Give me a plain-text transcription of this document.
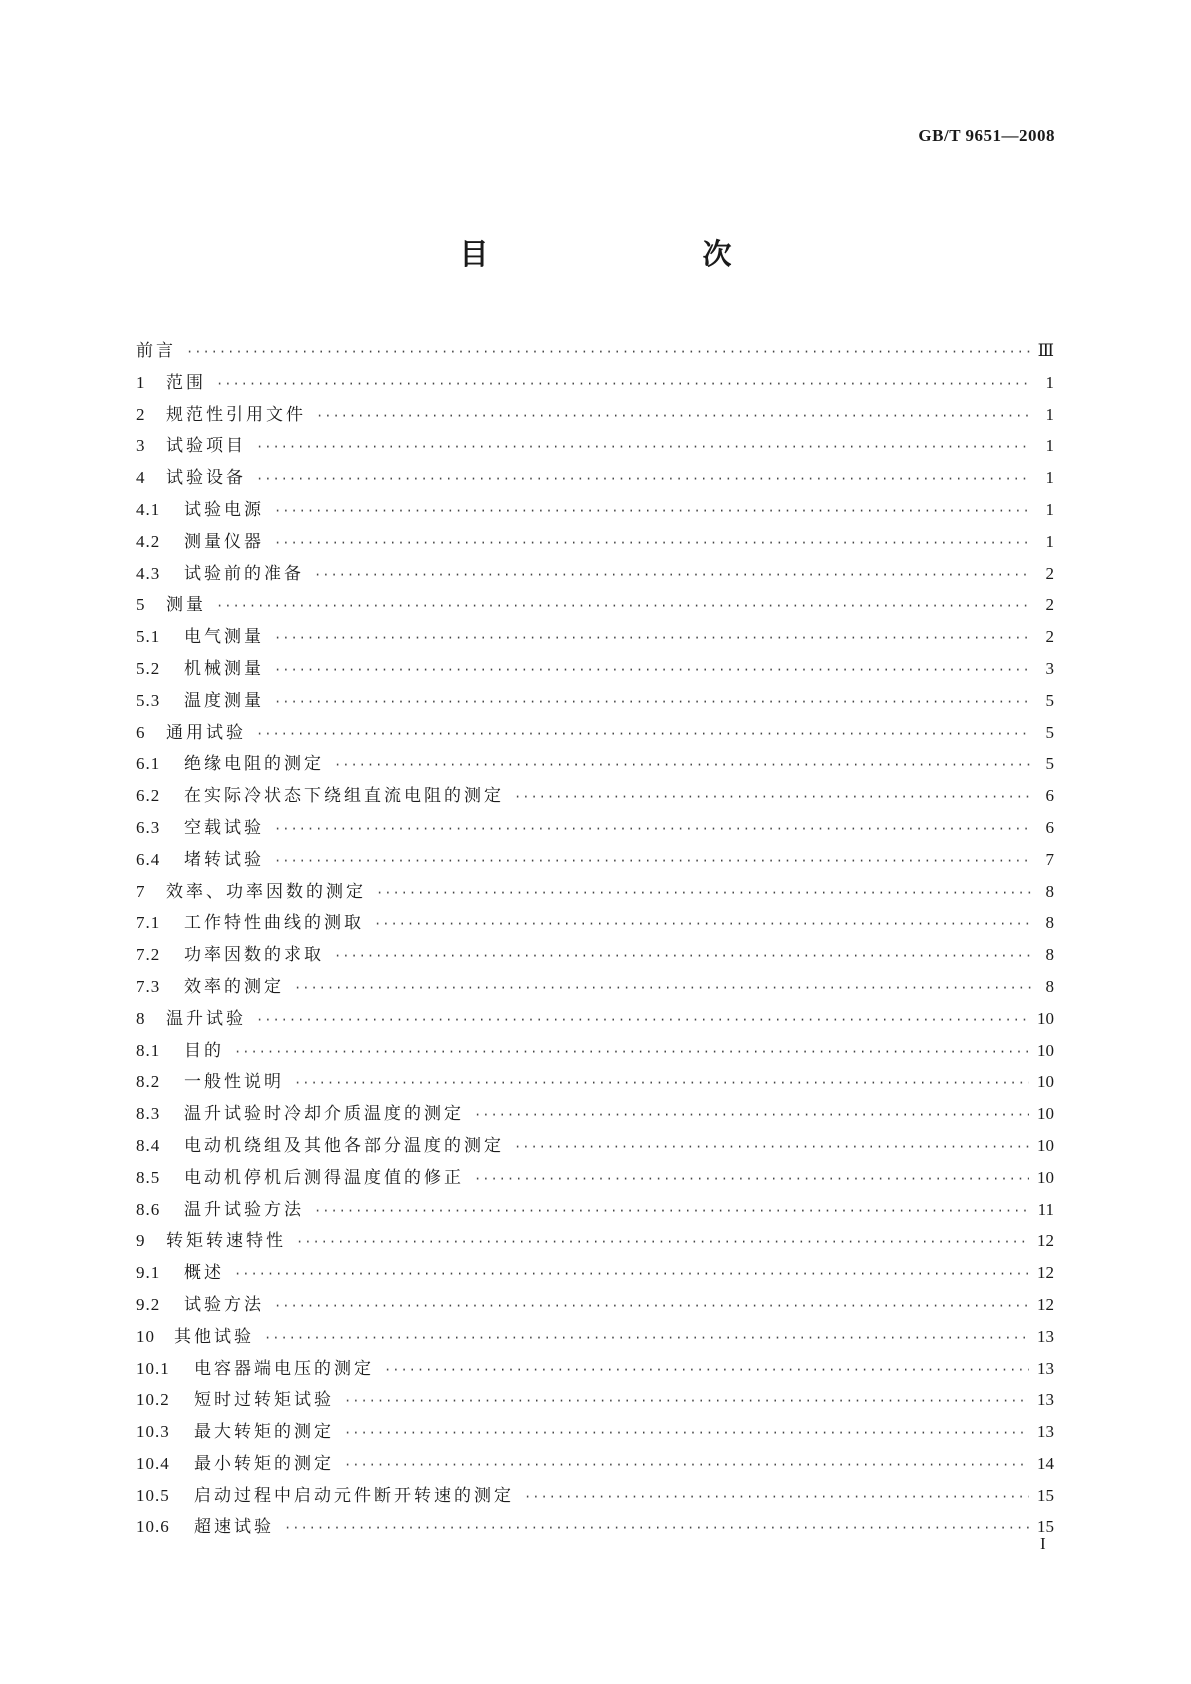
GB/T 9651—2008
目　　次
前言 ·····	Ⅲ
1	范围 ·····	1
2	规范性引用文件 ·····	1
3	试验项目 ·····	1
4	试验设备 ·····	1
4.1	试验电源 ·····	1
4.2	测量仪器 ·····	1
4.3	试验前的准备 ·····	2
5	测量 ·····	2
5.1	电气测量 ·····	2
5.2	机械测量 ·····	3
5.3	温度测量 ·····	5
6	通用试验 ·····	5
6.1	绝缘电阻的测定 ·····	5
6.2	在实际冷状态下绕组直流电阻的测定 ·····	6
6.3	空载试验 ·····	6
6.4	堵转试验 ·····	7
7	效率、功率因数的测定 ·····	8
7.1	工作特性曲线的测取 ·····	8
7.2	功率因数的求取 ·····	8
7.3	效率的测定 ·····	8
8	温升试验 ·····	10
8.1	目的 ·····	10
8.2	一般性说明 ·····	10
8.3	温升试验时冷却介质温度的测定 ·····	10
8.4	电动机绕组及其他各部分温度的测定 ·····	10
8.5	电动机停机后测得温度值的修正 ·····	10
8.6	温升试验方法 ·····	11
9	转矩转速特性 ·····	12
9.1	概述 ·····	12
9.2	试验方法 ·····	12
10	其他试验 ·····	13
10.1	电容器端电压的测定 ·····	13
10.2	短时过转矩试验 ·····	13
10.3	最大转矩的测定 ·····	13
10.4	最小转矩的测定 ·····	14
10.5	启动过程中启动元件断开转速的测定 ·····	15
10.6	超速试验 ·····	15
I
